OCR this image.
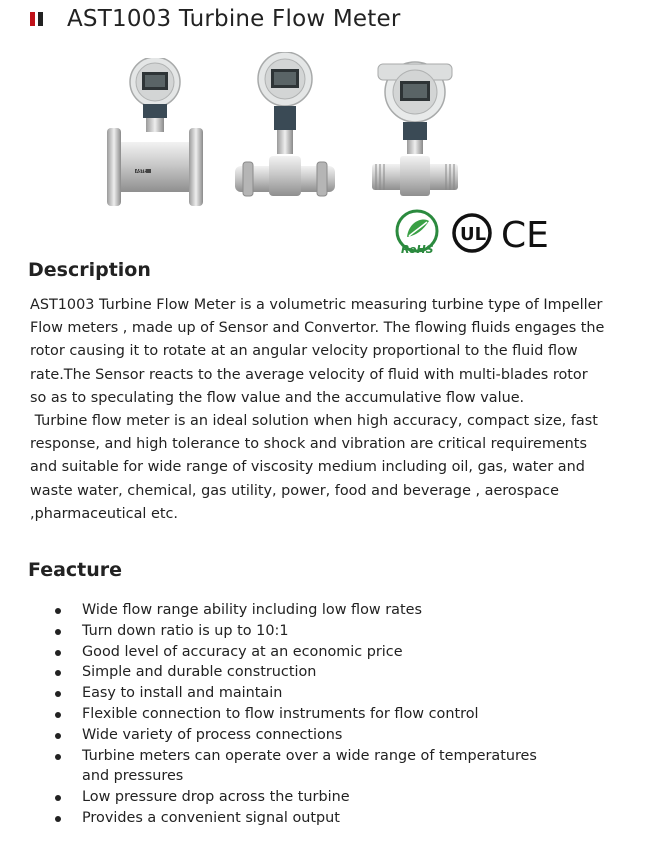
AST1003 Turbine Flow Meter
ASTE
RoHS
UL CE
Description

AST1003 Turbine Flow Meter is a volumetric measuring turbine type of Impeller Flow meters , made up of Sensor and Convertor. The flowing fluids engages the rotor causing it to rotate at an angular velocity proportional to the fluid flow rate.The Sensor reacts to the average velocity of fluid with multi-blades rotor so as to speculating the flow value and the accumulative flow value.

Turbine flow meter is an ideal solution when high accuracy, compact size, fast response, and high tolerance to shock and vibration are critical requirements and suitable for wide range of viscosity medium including oil, gas, water and waste water, chemical, gas utility, power, food and beverage , aerospace ,pharmaceutical etc.

Feacture
Wide flow range ability including low flow rates
Turn down ratio is up to 10:1
Good level of accuracy at an economic price
Simple and durable construction
Easy to install and maintain
Flexible connection to flow instruments for flow control
Wide variety of process connections
Turbine meters can operate over a wide range of temperatures and pressures
Low pressure drop across the turbine
Provides a convenient signal output
